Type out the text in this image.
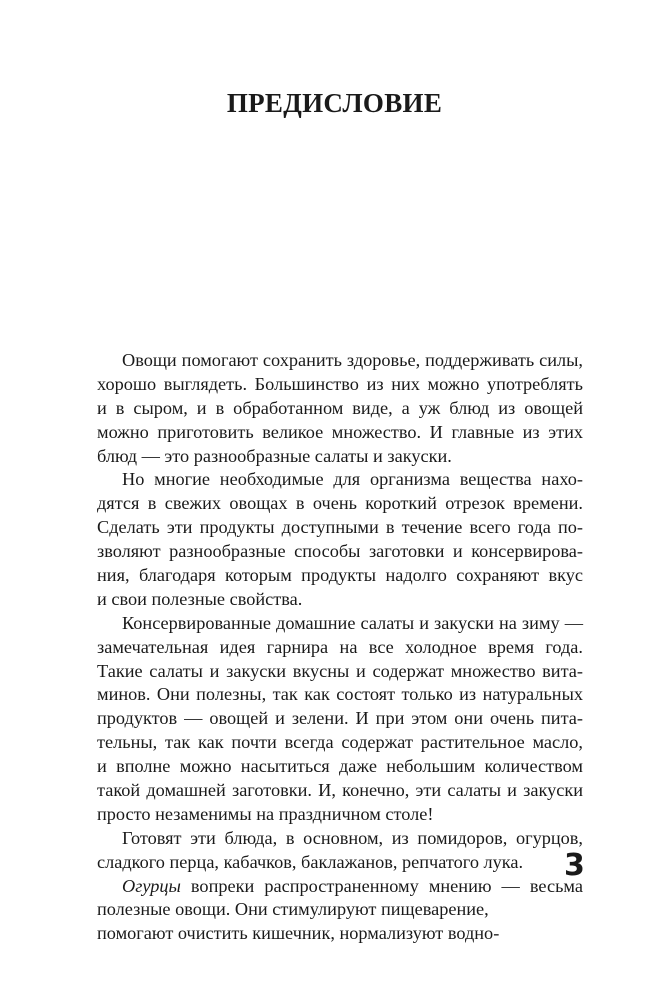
ПРЕДИСЛОВИЕ
Овощи помогают сохранить здоровье, поддерживать силы,
хорошо выглядеть. Большинство из них можно употреблять
и в сыром, и в обработанном виде, а уж блюд из овощей
можно приготовить великое множество. И главные из этих
блюд — это разнообразные салаты и закуски.
Но многие необходимые для организма вещества нахо-
дятся в свежих овощах в очень короткий отрезок времени.
Сделать эти продукты доступными в течение всего года по-
зволяют разнообразные способы заготовки и консервирова-
ния, благодаря которым продукты надолго сохраняют вкус
и свои полезные свойства.
Консервированные домашние салаты и закуски на зиму —
замечательная идея гарнира на все холодное время года.
Такие салаты и закуски вкусны и содержат множество вита-
минов. Они полезны, так как состоят только из натуральных
продуктов — овощей и зелени. И при этом они очень пита-
тельны, так как почти всегда содержат растительное масло,
и вполне можно насытиться даже небольшим количеством
такой домашней заготовки. И, конечно, эти салаты и закуски
просто незаменимы на праздничном столе!
Готовят эти блюда, в основном, из помидоров, огурцов,
сладкого перца, кабачков, баклажанов, репчатого лука.
Огурцы вопреки распространенному мнению — весьма
полезные овощи. Они стимулируют пищеварение,
помогают очистить кишечник, нормализуют водно-
3
